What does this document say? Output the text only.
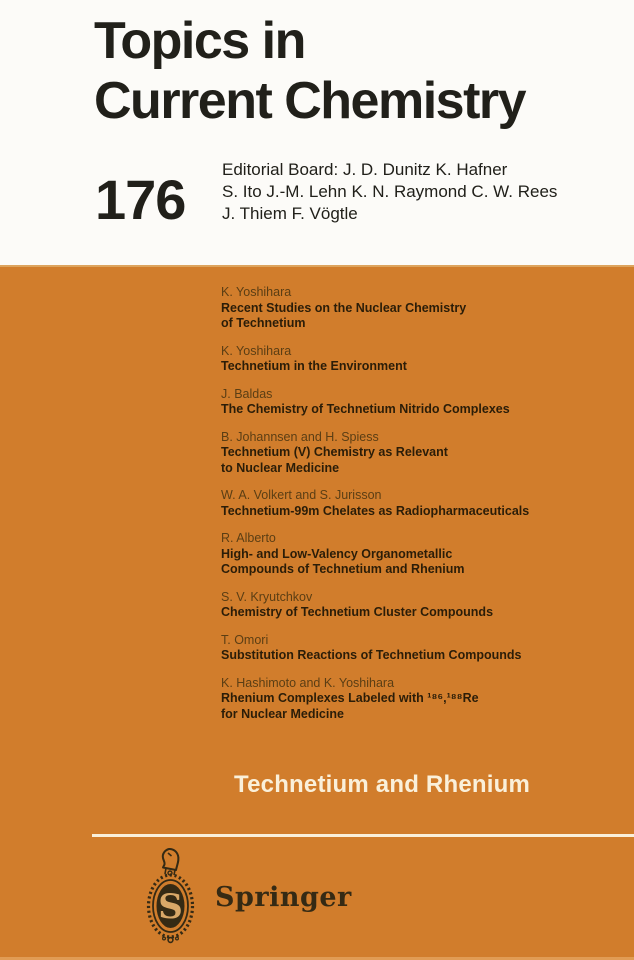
Topics in
Current Chemistry
176 Editorial Board: J. D. Dunitz K. Hafner
S. Ito J.-M. Lehn K. N. Raymond C. W. Rees
J. Thiem F. Vögtle
K. Yoshihara
Recent Studies on the Nuclear Chemistry
of Technetium
K. Yoshihara
Technetium in the Environment
J. Baldas
The Chemistry of Technetium Nitrido Complexes
B. Johannsen and H. Spiess
Technetium (V) Chemistry as Relevant
to Nuclear Medicine
W. A. Volkert and S. Jurisson
Technetium-99m Chelates as Radiopharmaceuticals
R. Alberto
High- and Low-Valency Organometallic
Compounds of Technetium and Rhenium
S. V. Kryutchkov
Chemistry of Technetium Cluster Compounds
T. Omori
Substitution Reactions of Technetium Compounds
K. Hashimoto and K. Yoshihara
Rhenium Complexes Labeled with ¹⁸⁶,¹⁸⁸Re
for Nuclear Medicine
Technetium and Rhenium
S Springer
